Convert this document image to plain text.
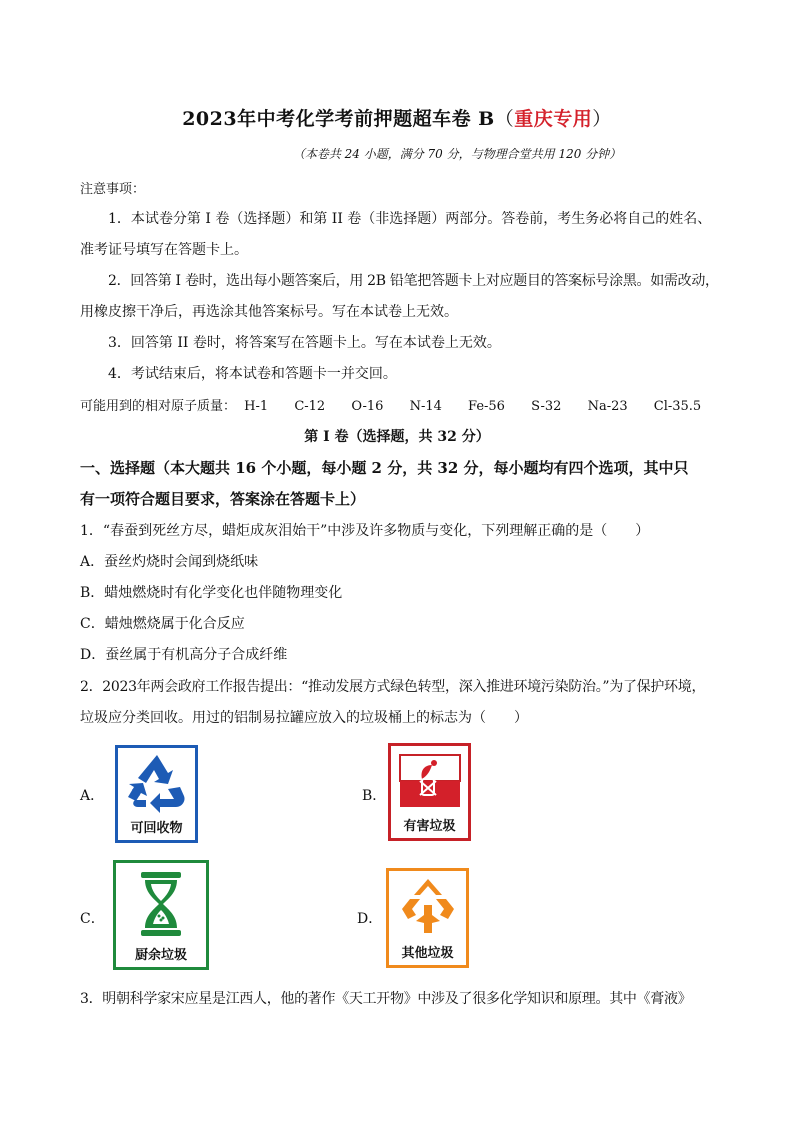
2023年中考化学考前押题超车卷 B（重庆专用）
（本卷共 24 小题，满分 70 分，与物理合堂共用 120 分钟）
注意事项：
1．本试卷分第 I 卷（选择题）和第 II 卷（非选择题）两部分。答卷前，考生务必将自己的姓名、
准考证号填写在答题卡上。
2．回答第 I 卷时，选出每小题答案后，用 2B 铅笔把答题卡上对应题目的答案标号涂黑。如需改动，
用橡皮擦干净后，再选涂其他答案标号。写在本试卷上无效。
3．回答第 II 卷时，将答案写在答题卡上。写在本试卷上无效。
4．考试结束后，将本试卷和答题卡一并交回。
可能用到的相对原子质量： H-1 C-12 O-16 N-14 Fe-56 S-32 Na-23 Cl-35.5
第 I 卷（选择题，共 32 分）
一、选择题（本大题共 16 个小题，每小题 2 分，共 32 分，每小题均有四个选项，其中只
有一项符合题目要求，答案涂在答题卡上）
1．“春蚕到死丝方尽，蜡炬成灰泪始干”中涉及许多物质与变化，下列理解正确的是（　　）
A．蚕丝灼烧时会闻到烧纸味
B．蜡烛燃烧时有化学变化也伴随物理变化
C．蜡烛燃烧属于化合反应
D．蚕丝属于有机高分子合成纤维
2．2023年两会政府工作报告提出：“推动发展方式绿色转型，深入推进环境污染防治。”为了保护环境，
垃圾应分类回收。用过的铝制易拉罐应放入的垃圾桶上的标志为（　　）
A．
可回收物
B．
有害垃圾
C．
厨余垃圾
D．
其他垃圾
3．明朝科学家宋应星是江西人，他的著作《天工开物》中涉及了很多化学知识和原理。其中《膏液》
